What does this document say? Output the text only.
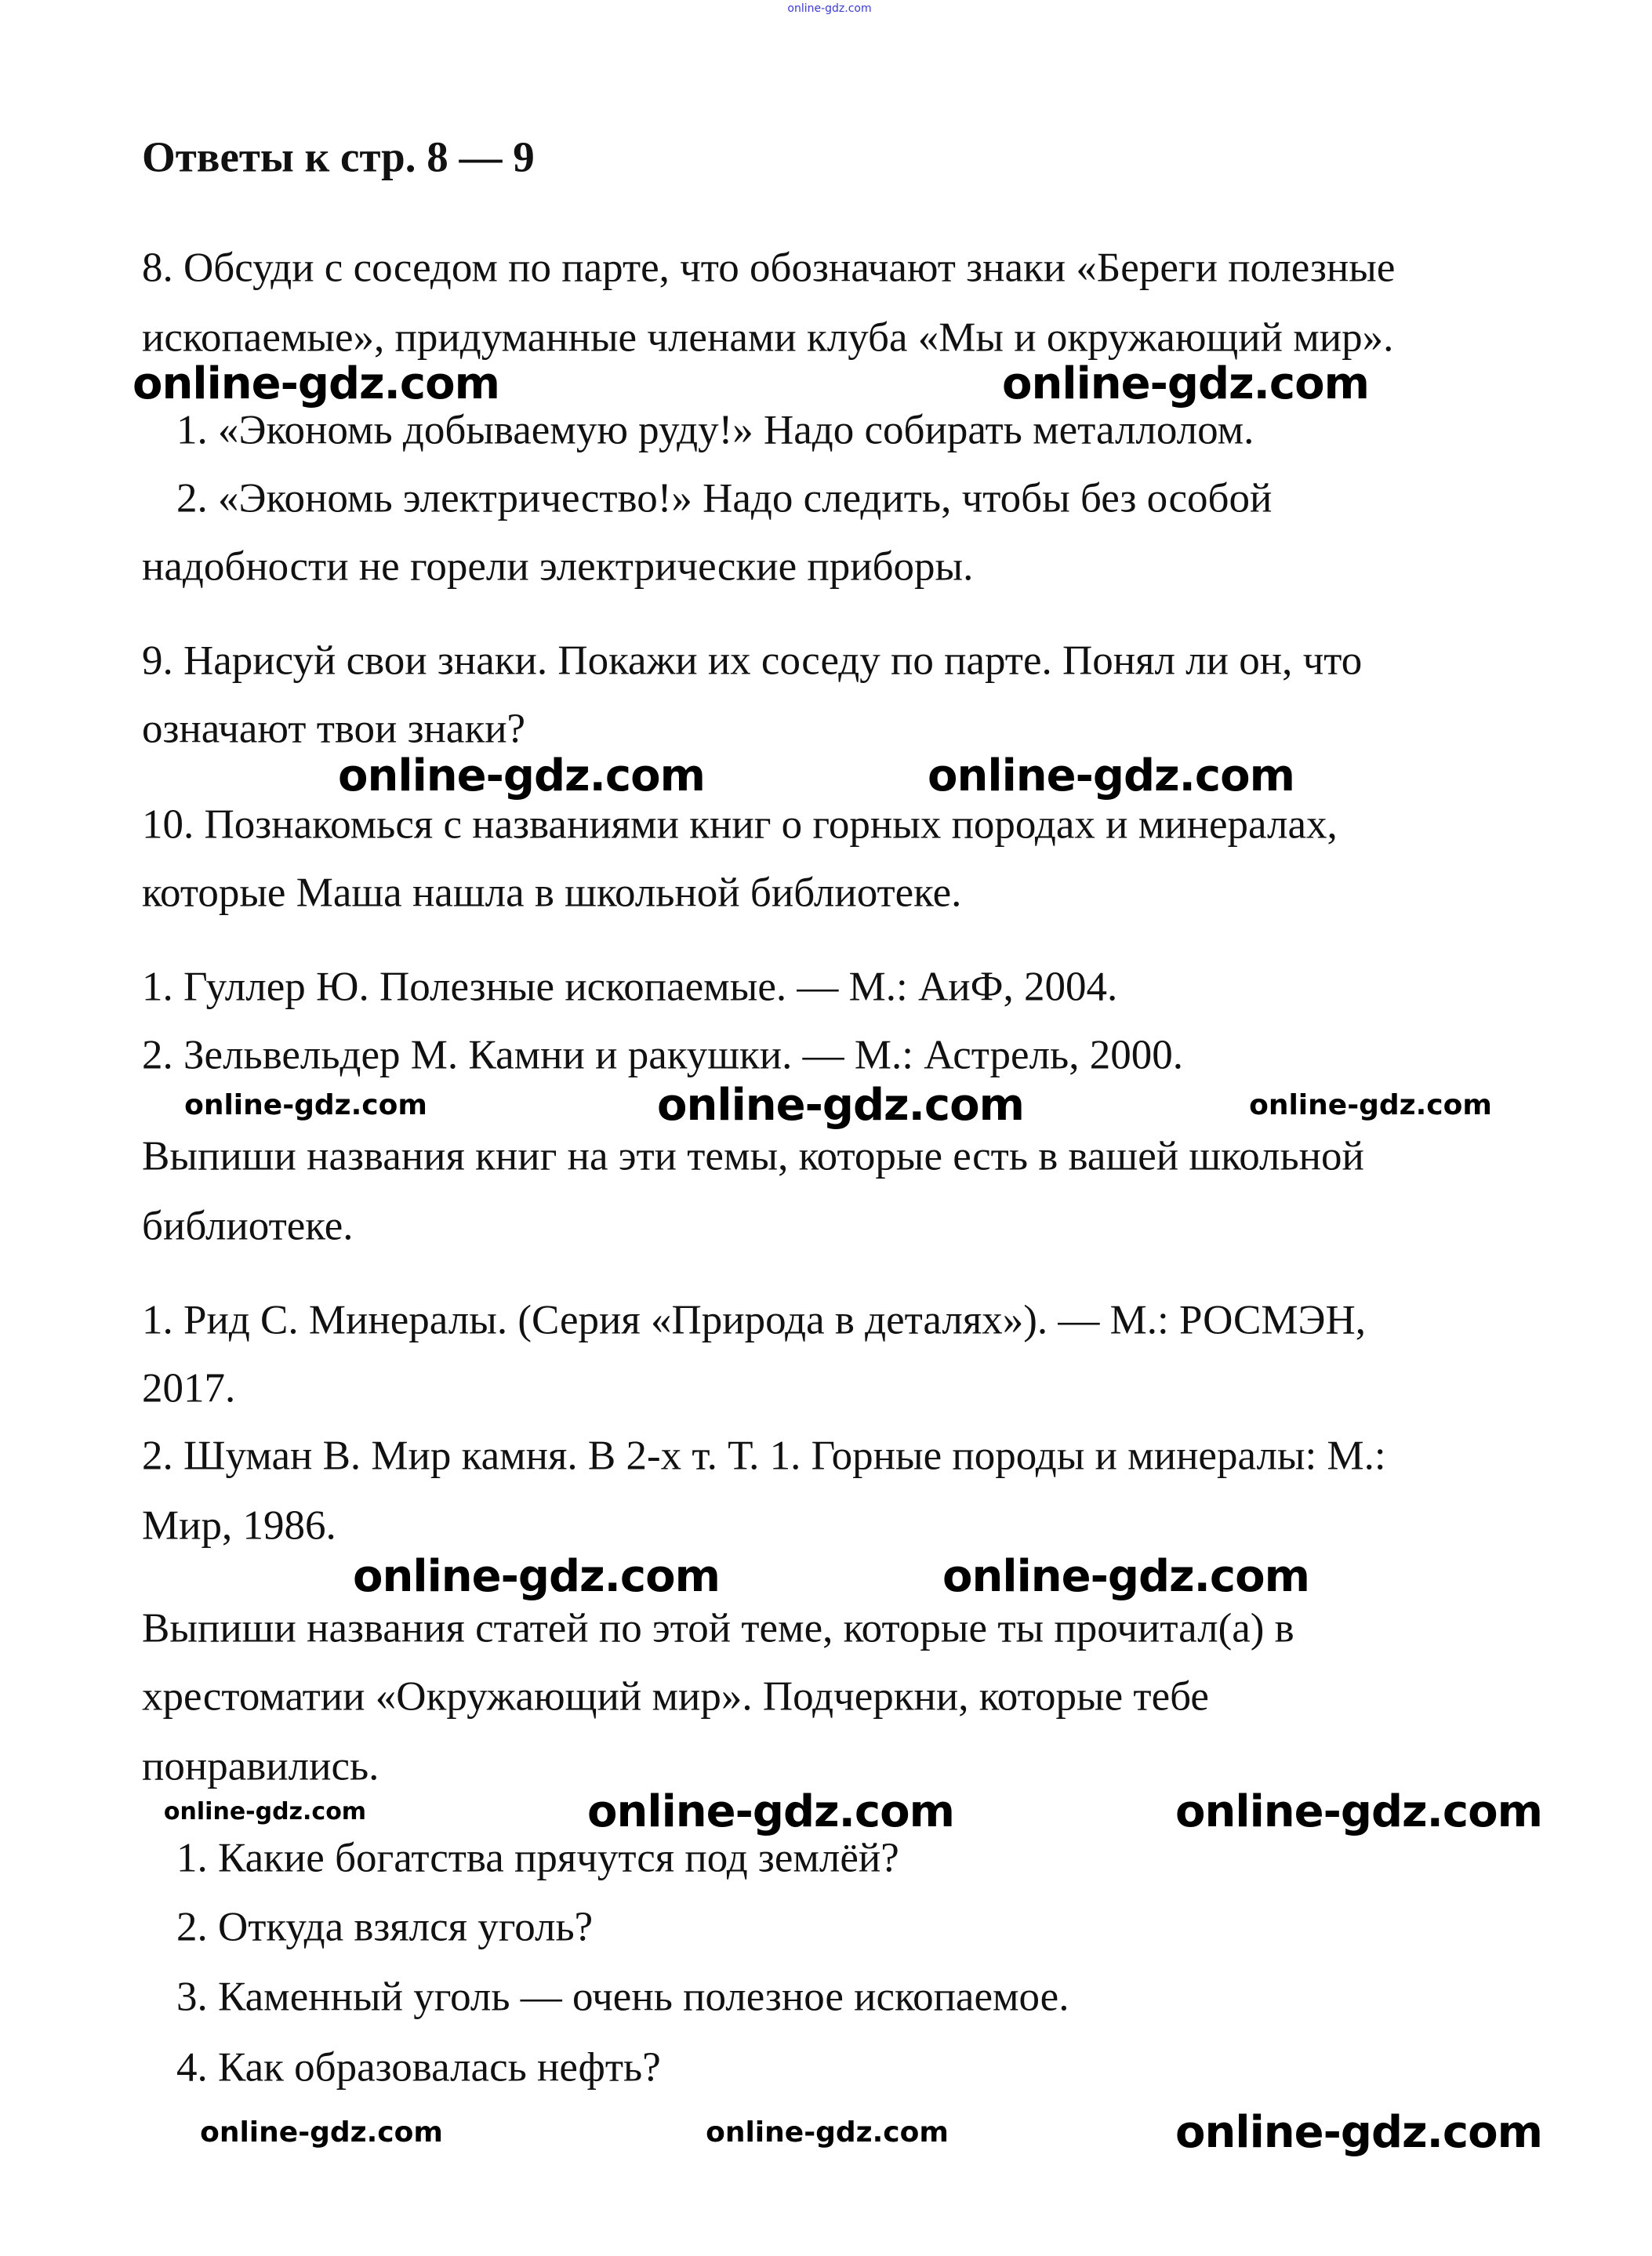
online-gdz.com
Ответы к стр. 8 — 9
8. Обсуди с соседом по парте, что обозначают знаки «Береги полезные
ископаемые», придуманные членами клуба «Мы и окружающий мир».
1. «Экономь добываемую руду!» Надо собирать металлолом.
2. «Экономь электричество!» Надо следить, чтобы без особой
надобности не горели электрические приборы.
9. Нарисуй свои знаки. Покажи их соседу по парте. Понял ли он, что
означают твои знаки?
10. Познакомься с названиями книг о горных породах и минералах,
которые Маша нашла в школьной библиотеке.
1. Гуллер Ю. Полезные ископаемые. — М.: АиФ, 2004.
2. Зельвельдер М. Камни и ракушки. — М.: Астрель, 2000.
Выпиши названия книг на эти темы, которые есть в вашей школьной
библиотеке.
1. Рид С. Минералы. (Серия «Природа в деталях»). — М.: РОСМЭН,
2017.
2. Шуман В. Мир камня. В 2-х т. Т. 1. Горные породы и минералы: М.:
Мир, 1986.
Выпиши названия статей по этой теме, которые ты прочитал(а) в
хрестоматии «Окружающий мир». Подчеркни, которые тебе
понравились.
1. Какие богатства прячутся под землёй?
2. Откуда взялся уголь?
3. Каменный уголь — очень полезное ископаемое.
4. Как образовалась нефть?
online-gdz.com	online-gdz.com
online-gdz.com	online-gdz.com
online-gdz.com
online-gdz.com	online-gdz.com
online-gdz.com	online-gdz.com
online-gdz.com	online-gdz.com	online-gdz.com
online-gdz.com	online-gdz.com	online-gdz.com
